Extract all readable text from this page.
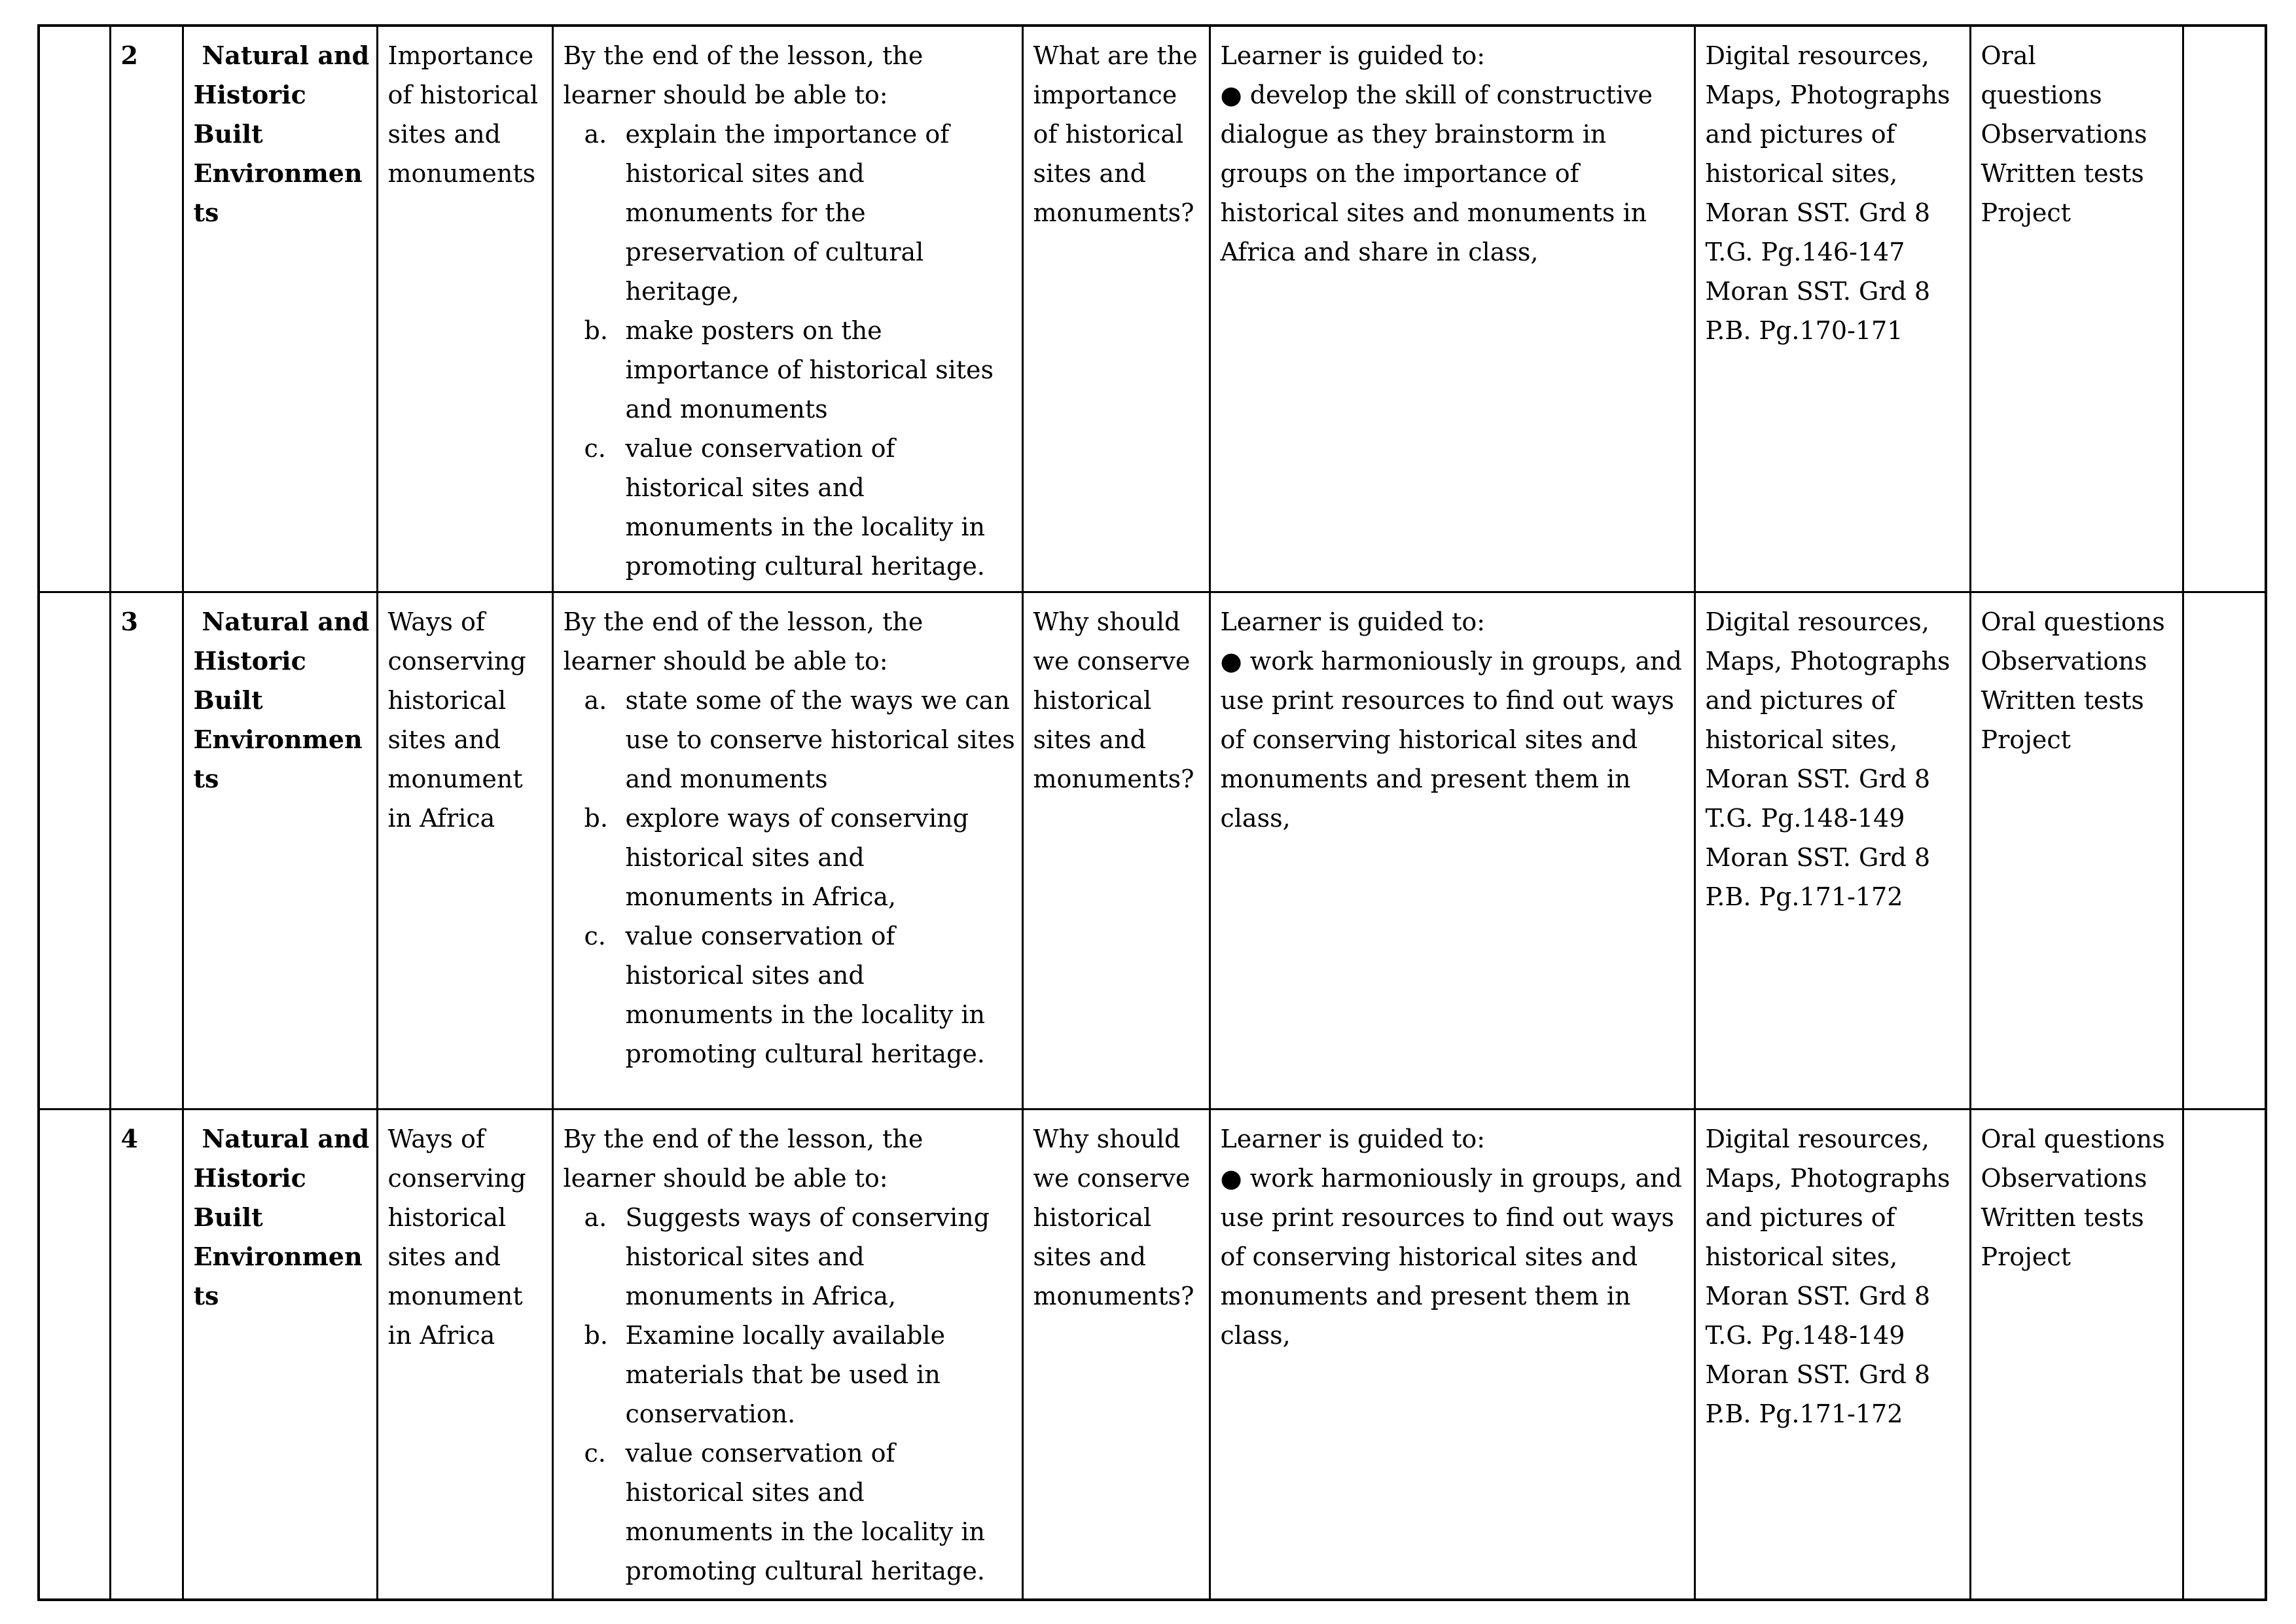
	2	Natural and Historic Built Environments

Importance of historical sites and monuments

By the end of the lesson, the learner should be able to:
a. explain the importance of historical sites and monuments for the preservation of cultural heritage,
b. make posters on the importance of historical sites and monuments
c. value conservation of historical sites and monuments in the locality in promoting cultural heritage.

What are the importance of historical sites and monuments?

Learner is guided to:
● develop the skill of constructive dialogue as they brainstorm in groups on the importance of historical sites and monuments in Africa and share in class,

Digital resources, Maps, Photographs and pictures of historical sites,
Moran SST. Grd 8 T.G. Pg.146-147
Moran SST. Grd 8 P.B. Pg.170-171

Oral
questions
Observations
Written tests
Project

	3	Natural and Historic Built Environments

Ways of conserving historical sites and monument in Africa

By the end of the lesson, the learner should be able to:
a. state some of the ways we can use to conserve historical sites and monuments
b. explore ways of conserving historical sites and monuments in Africa,
c. value conservation of historical sites and monuments in the locality in promoting cultural heritage.

Why should we conserve historical sites and monuments?

Learner is guided to:
● work harmoniously in groups, and use print resources to find out ways of conserving historical sites and monuments and present them in class,

Digital resources, Maps, Photographs and pictures of historical sites,
Moran SST. Grd 8 T.G. Pg.148-149
Moran SST. Grd 8 P.B. Pg.171-172

Oral questions
Observations
Written tests
Project

	4	Natural and Historic Built Environments

Ways of conserving historical sites and monument in Africa

By the end of the lesson, the learner should be able to:
a. Suggests ways of conserving historical sites and monuments in Africa,
b. Examine locally available materials that be used in conservation.
c. value conservation of historical sites and monuments in the locality in promoting cultural heritage.

Why should we conserve historical sites and monuments?

Learner is guided to:
● work harmoniously in groups, and use print resources to find out ways of conserving historical sites and monuments and present them in class,

Digital resources, Maps, Photographs and pictures of historical sites,
Moran SST. Grd 8 T.G. Pg.148-149
Moran SST. Grd 8 P.B. Pg.171-172

Oral questions
Observations
Written tests
Project
